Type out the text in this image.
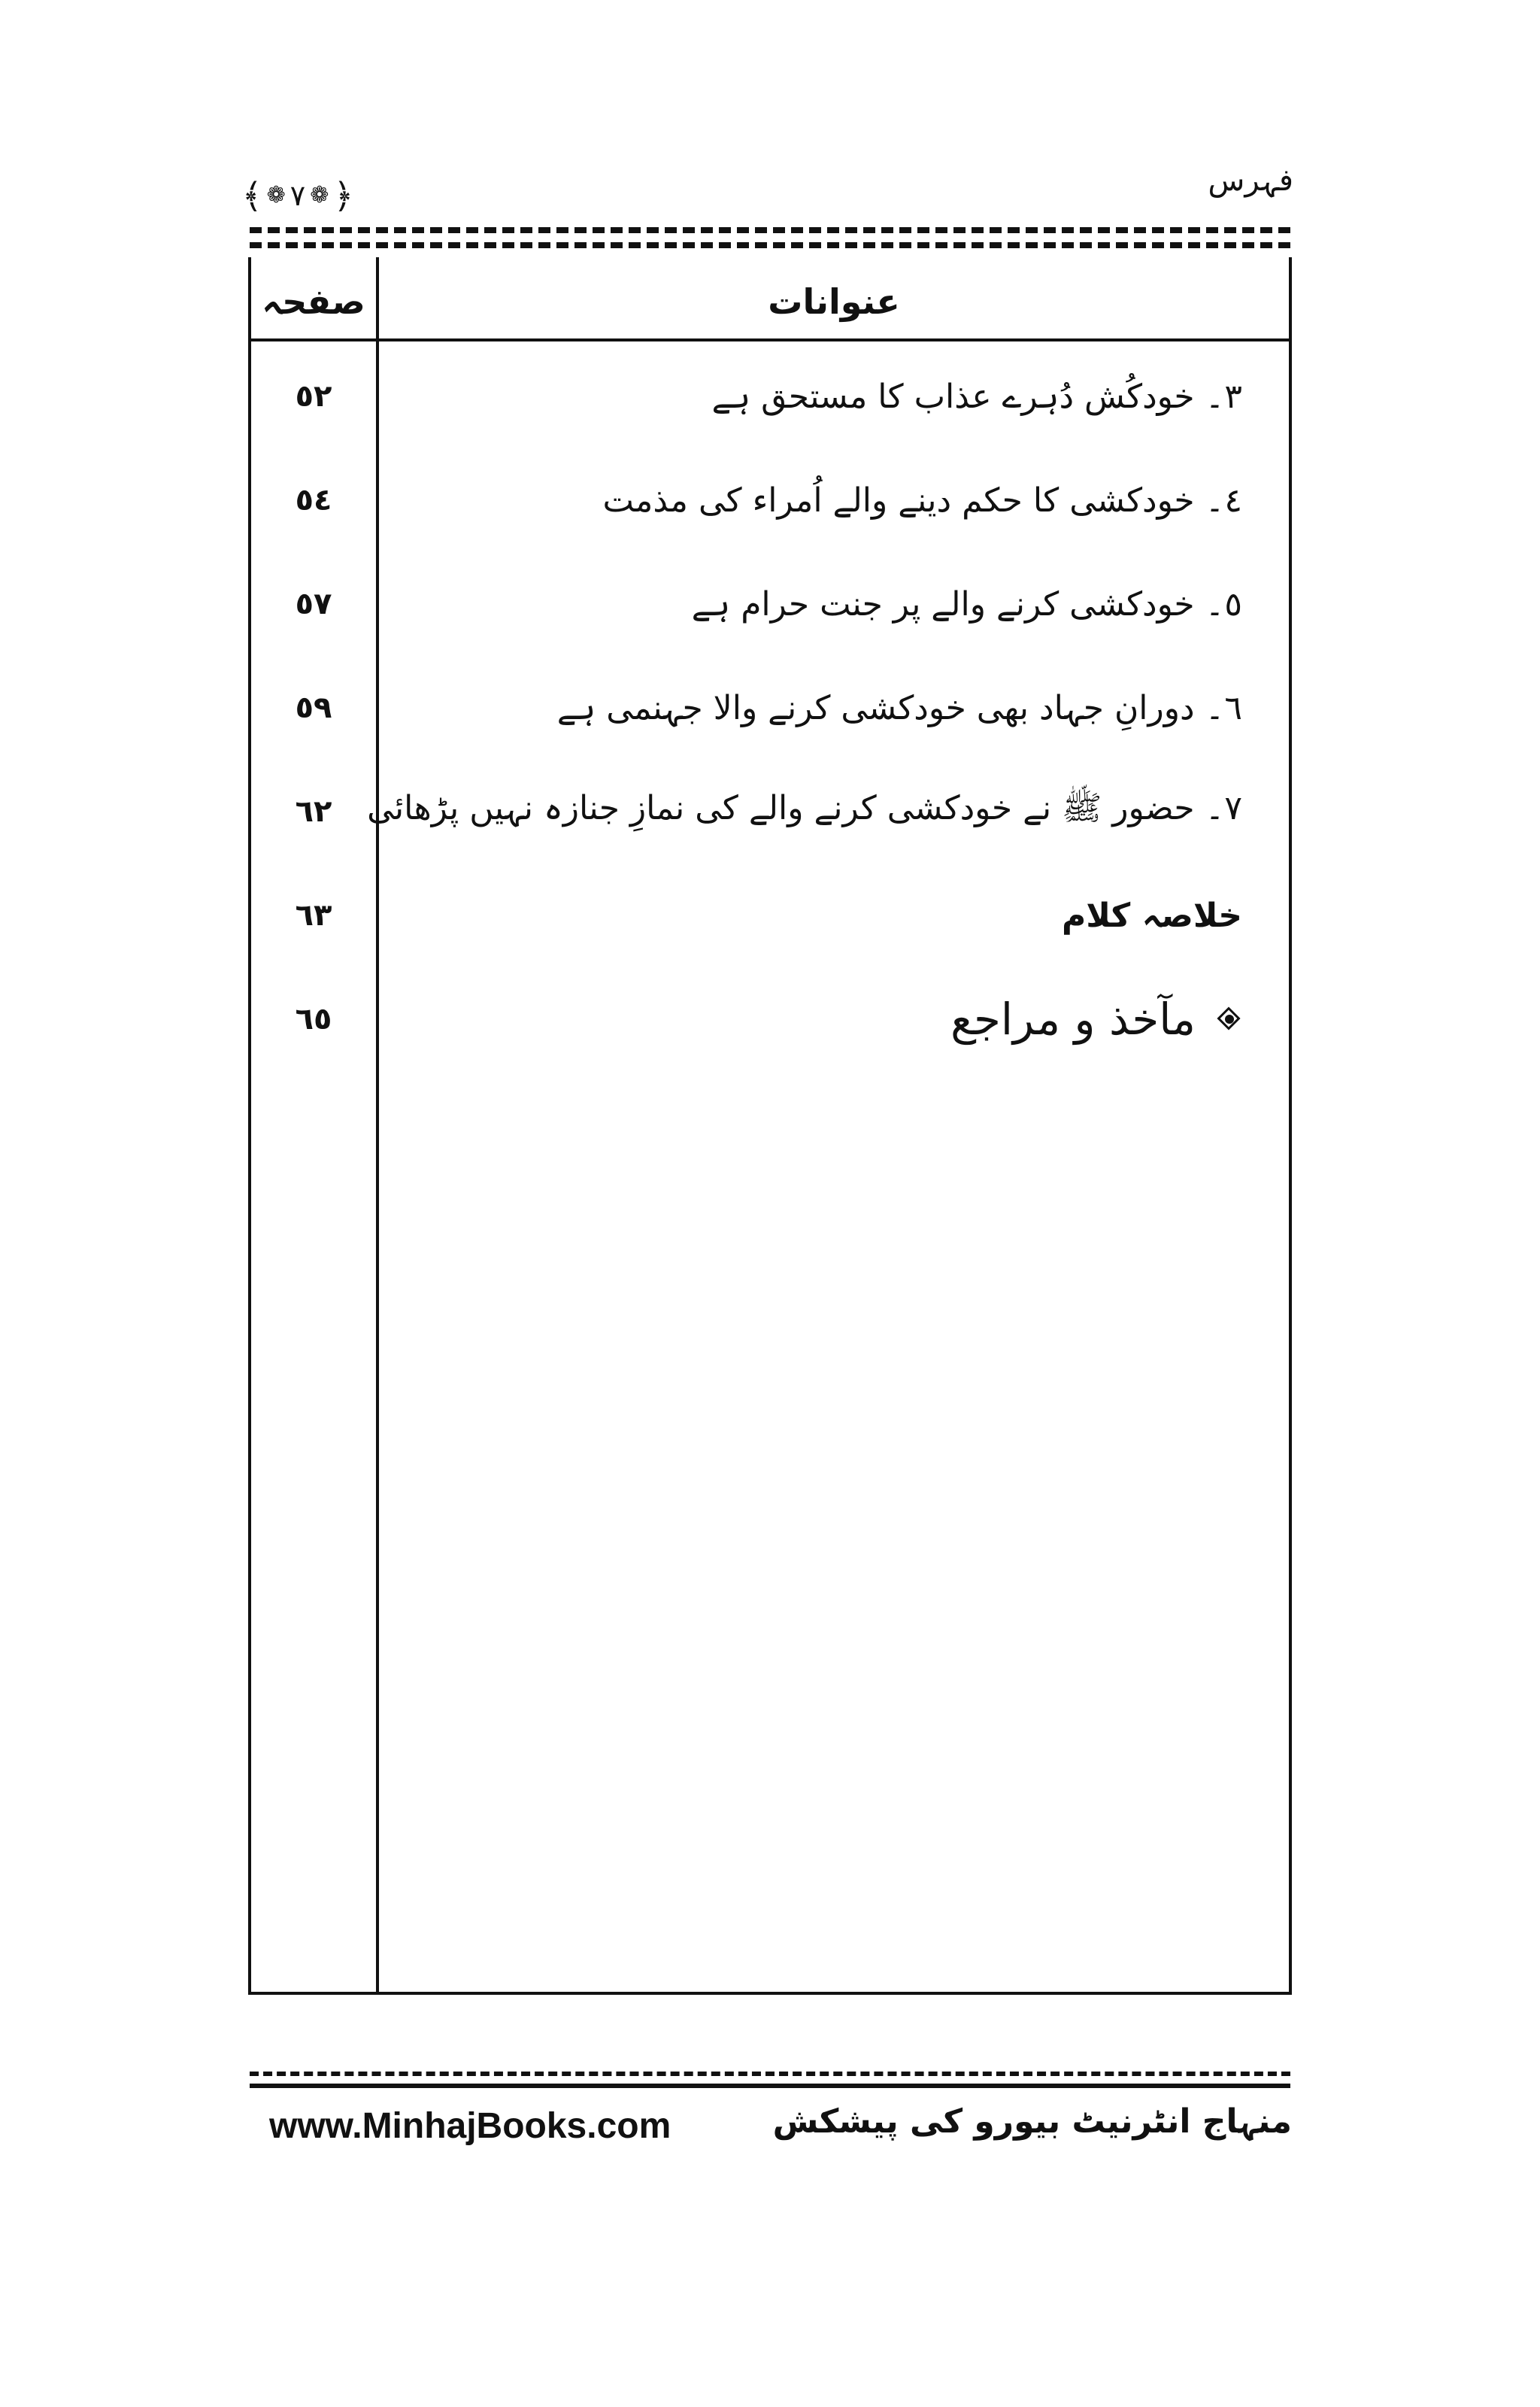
فہرس
﴾ ❁ ٧ ❁ ﴿
صفحہ	عنوانات
٣۔ خودکُش دُہرے عذاب کا مستحق ہے
٥٢
٤۔ خودکشی کا حکم دینے والے اُمراء کی مذمت
٥٤
٥۔ خودکشی کرنے والے پر جنت حرام ہے
٥٧
٦۔ دورانِ جہاد بھی خودکشی کرنے والا جہنمی ہے
٥٩
٧۔ حضور ﷺ نے خودکشی کرنے والے کی نمازِ جنازہ نہیں پڑھائی
٦٢
خلاصہ کلام
٦٣
مآخذ و مراجع
٦٥
www.MinhajBooks.com	منہاج انٹرنیٹ بیورو کی پیشکش
